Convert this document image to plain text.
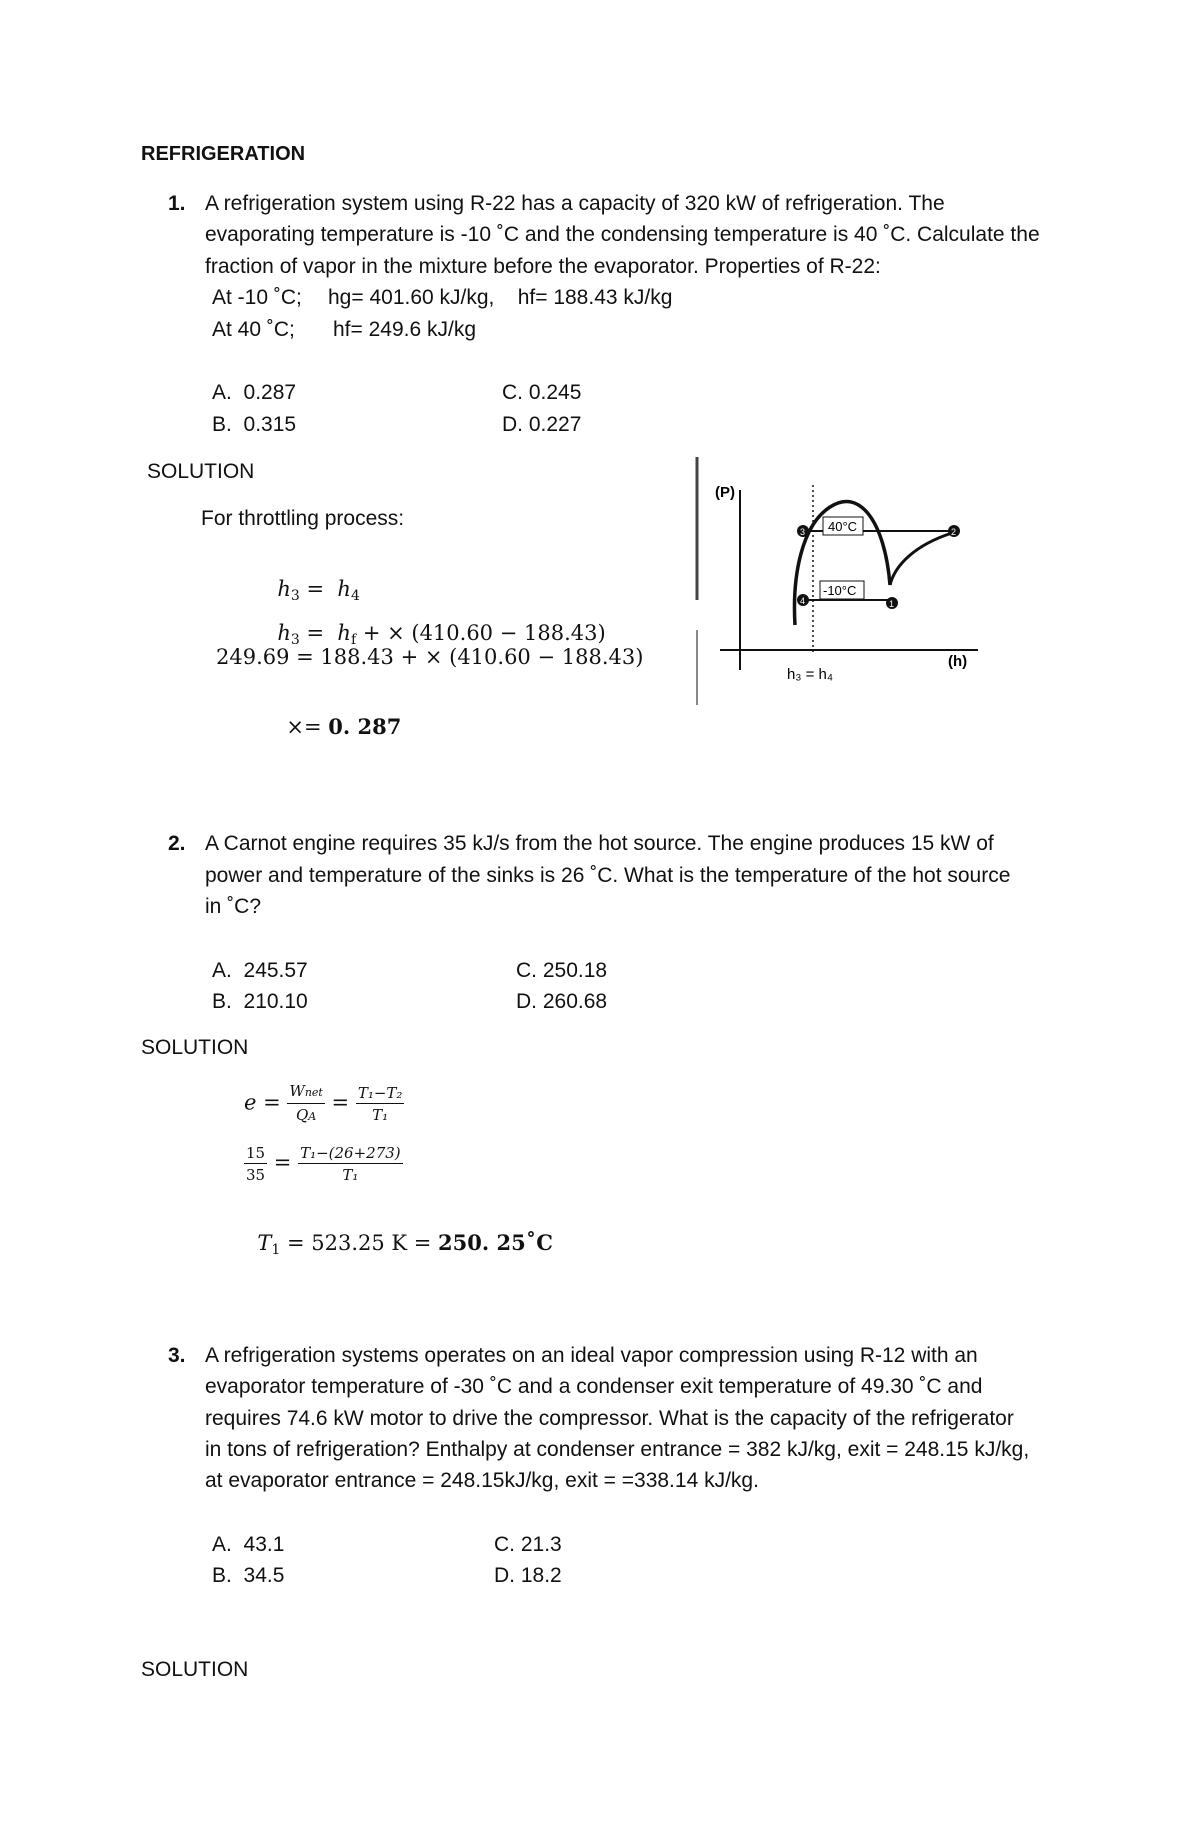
REFRIGERATION
1. A refrigeration system using R-22 has a capacity of 320 kW of refrigeration. The
evaporating temperature is -10 ˚C and the condensing temperature is 40 ˚C. Calculate the
fraction of vapor in the mixture before the evaporator. Properties of R-22:
At -10 ˚C; hg= 401.60 kJ/kg,    hf= 188.43 kJ/kg
At 40 ˚C; hf= 249.6 kJ/kg
A.  0.287
B.  0.315
C. 0.245
D. 0.227
SOLUTION
For throttling process:

$h_3 = h_4$

$h_3 = h_f$ + × (410.60 − 188.43)

249.69 = 188.43 + × (410.60 − 188.43)

×= 0. 287

(P)
(h)
40°C
-10°C
3	2
4	1
h₃ = h₄
2. A Carnot engine requires 35 kJ/s from the hot source. The engine produces 15 kW of
power and temperature of the sinks is 26 ˚C. What is the temperature of the hot source
in ˚C?
A.  245.57
B.  210.10
C. 250.18
D. 260.68
SOLUTION
$e = \frac{\text{Wnet}}{QA} = \frac{\text{T₁−T₂}}{\text{T₁}}$
$\frac{15}{35} = \frac{\text{T₁−(26+273)}}{\text{T₁}}$

$T_1 = 523.25$ K = 250. 25˚C

3. A refrigeration systems operates on an ideal vapor compression using R-12 with an
evaporator temperature of -30 ˚C and a condenser exit temperature of 49.30 ˚C and
requires 74.6 kW motor to drive the compressor. What is the capacity of the refrigerator
in tons of refrigeration? Enthalpy at condenser entrance = 382 kJ/kg, exit = 248.15 kJ/kg,
at evaporator entrance = 248.15kJ/kg, exit = =338.14 kJ/kg.
A.  43.1
B.  34.5
C. 21.3
D. 18.2
SOLUTION
